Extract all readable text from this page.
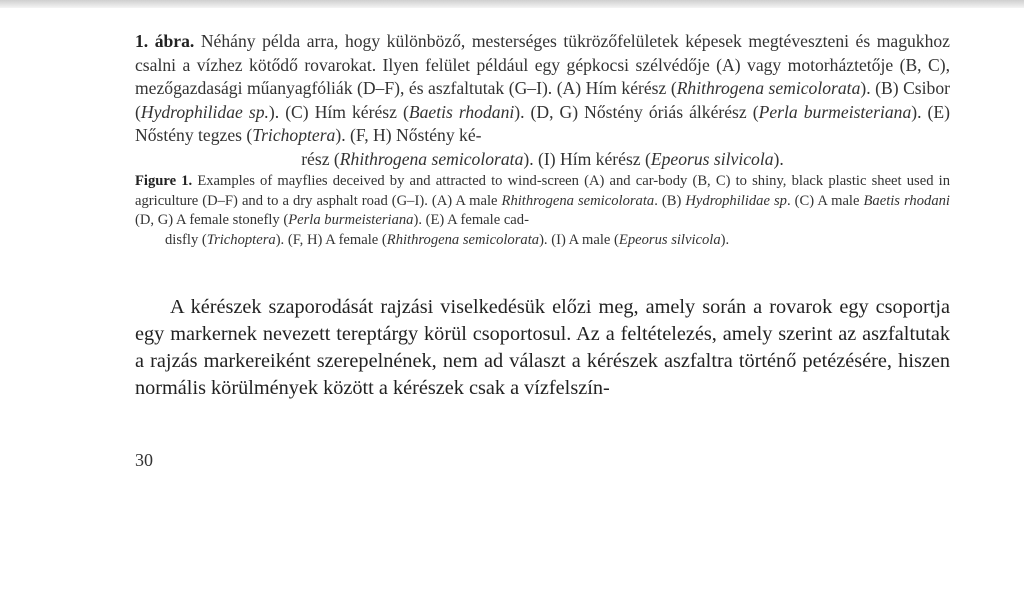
1. ábra. Néhány példa arra, hogy különböző, mesterséges tükrözőfelületek képesek megtéveszteni és magukhoz csalni a vízhez kötődő rovarokat. Ilyen felület például egy gépkocsi szélvédője (A) vagy motorháztetője (B, C), mezőgazdasági műanyagfóliák (D–F), és aszfaltutak (G–I). (A) Hím kérész (Rhithrogena semicolorata). (B) Csibor (Hydrophilidae sp.). (C) Hím kérész (Baetis rhodani). (D, G) Nőstény óriás álkérész (Perla burmeisteriana). (E) Nőstény tegzes (Trichoptera). (F, H) Nőstény ké-
rész (Rhithrogena semicolorata). (I) Hím kérész (Epeorus silvicola).
Figure 1. Examples of mayflies deceived by and attracted to wind-screen (A) and car-body (B, C) to shiny, black plastic sheet used in agriculture (D–F) and to a dry asphalt road (G–I). (A) A male Rhithrogena semicolorata. (B) Hydrophilidae sp. (C) A male Baetis rhodani (D, G) A female stonefly (Perla burmeisteriana). (E) A female cad-
disfly (Trichoptera). (F, H) A female (Rhithrogena semicolorata). (I) A male (Epeorus silvicola).
A kérészek szaporodását rajzási viselkedésük előzi meg, amely során a rovarok egy csoportja egy markernek nevezett tereptárgy körül csoportosul. Az a feltételezés, amely szerint az aszfaltutak a rajzás markereiként szerepelnének, nem ad választ a kérészek aszfaltra történő petézésére, hiszen normális körülmények között a kérészek csak a vízfelszín-
30
